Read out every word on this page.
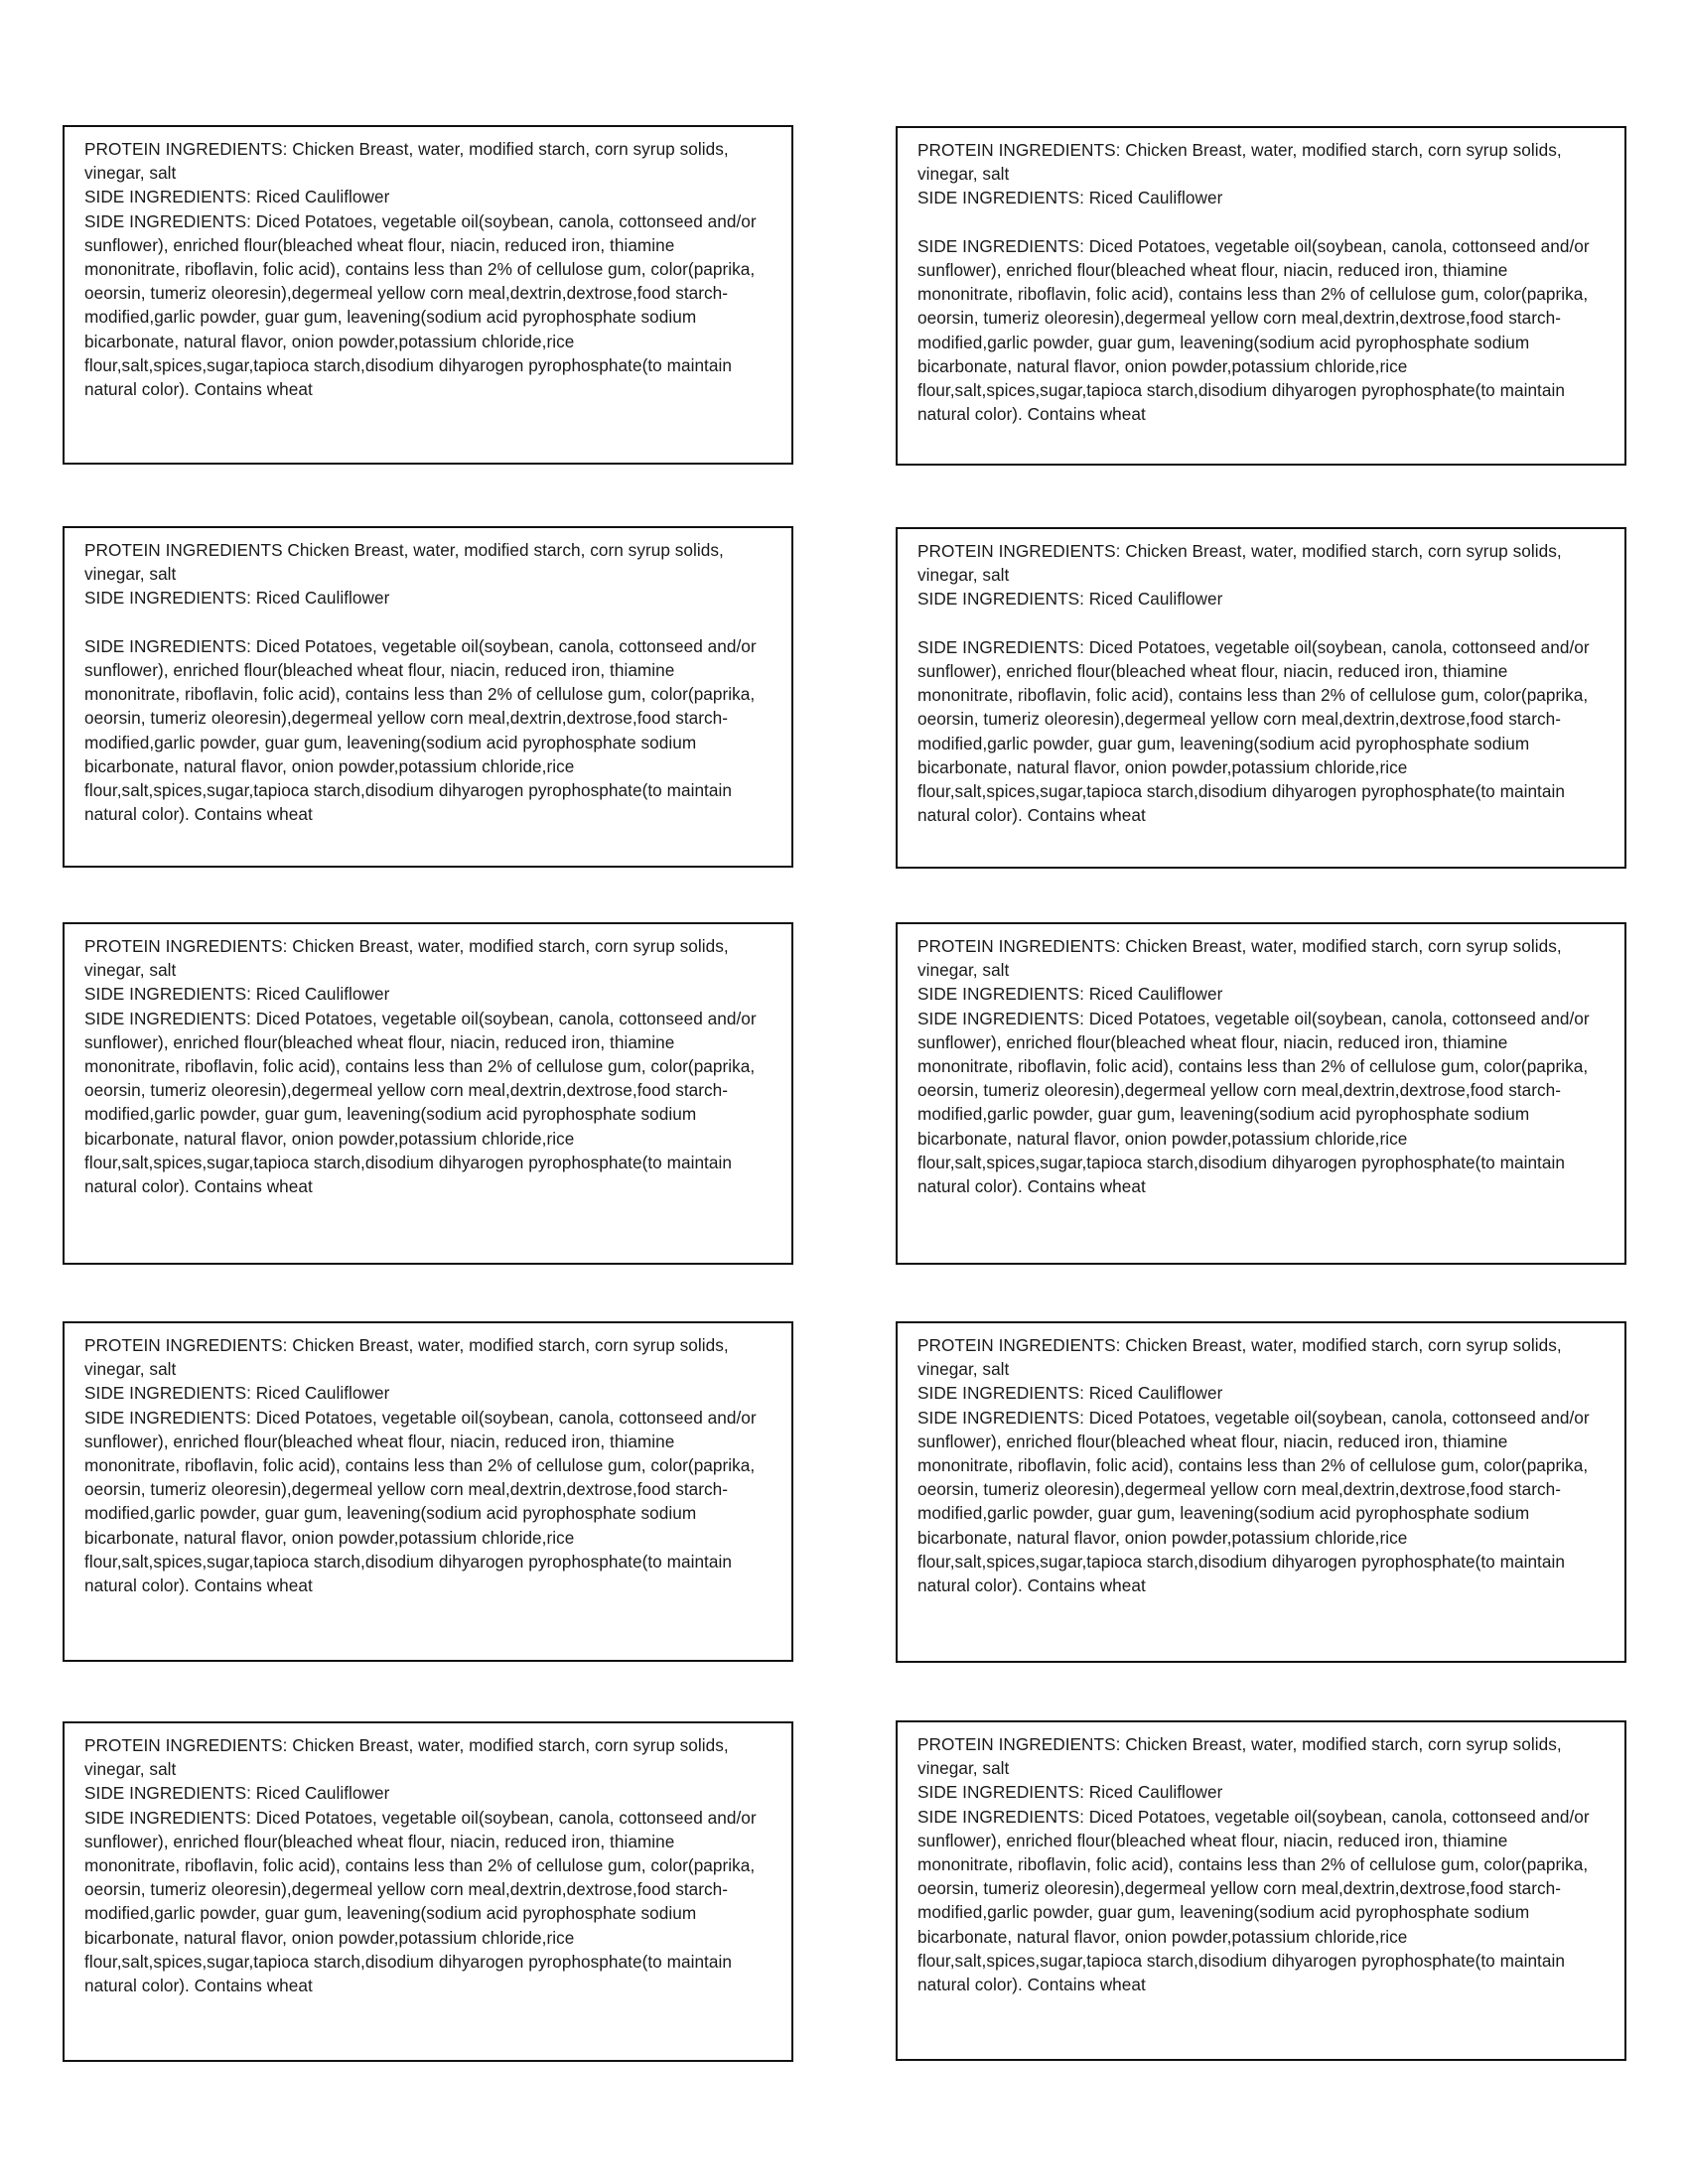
PROTEIN INGREDIENTS: Chicken Breast, water, modified starch, corn syrup solids, vinegar, salt

SIDE INGREDIENTS: Riced Cauliflower

SIDE INGREDIENTS: Diced Potatoes, vegetable oil(soybean, canola, cottonseed and/or sunflower), enriched flour(bleached wheat flour, niacin, reduced iron, thiamine mononitrate, riboflavin, folic acid), contains less than 2% of cellulose gum, color(paprika, oeorsin, tumeriz oleoresin),degermeal yellow corn meal,dextrin,dextrose,food starch-modified,garlic powder, guar gum, leavening(sodium acid pyrophosphate sodium bicarbonate, natural flavor, onion powder,potassium chloride,rice flour,salt,spices,sugar,tapioca starch,disodium dihyarogen pyrophosphate(to maintain natural color). Contains wheat

PROTEIN INGREDIENTS: Chicken Breast, water, modified starch, corn syrup solids, vinegar, salt

SIDE INGREDIENTS: Riced Cauliflower

SIDE INGREDIENTS: Diced Potatoes, vegetable oil(soybean, canola, cottonseed and/or sunflower), enriched flour(bleached wheat flour, niacin, reduced iron, thiamine mononitrate, riboflavin, folic acid), contains less than 2% of cellulose gum, color(paprika, oeorsin, tumeriz oleoresin),degermeal yellow corn meal,dextrin,dextrose,food starch-modified,garlic powder, guar gum, leavening(sodium acid pyrophosphate sodium bicarbonate, natural flavor, onion powder,potassium chloride,rice flour,salt,spices,sugar,tapioca starch,disodium dihyarogen pyrophosphate(to maintain natural color). Contains wheat

PROTEIN INGREDIENTS Chicken Breast, water, modified starch, corn syrup solids, vinegar, salt

SIDE INGREDIENTS: Riced Cauliflower

SIDE INGREDIENTS: Diced Potatoes, vegetable oil(soybean, canola, cottonseed and/or sunflower), enriched flour(bleached wheat flour, niacin, reduced iron, thiamine mononitrate, riboflavin, folic acid), contains less than 2% of cellulose gum, color(paprika, oeorsin, tumeriz oleoresin),degermeal yellow corn meal,dextrin,dextrose,food starch-modified,garlic powder, guar gum, leavening(sodium acid pyrophosphate sodium bicarbonate, natural flavor, onion powder,potassium chloride,rice flour,salt,spices,sugar,tapioca starch,disodium dihyarogen pyrophosphate(to maintain natural color). Contains wheat

PROTEIN INGREDIENTS: Chicken Breast, water, modified starch, corn syrup solids, vinegar, salt

SIDE INGREDIENTS: Riced Cauliflower

SIDE INGREDIENTS: Diced Potatoes, vegetable oil(soybean, canola, cottonseed and/or sunflower), enriched flour(bleached wheat flour, niacin, reduced iron, thiamine mononitrate, riboflavin, folic acid), contains less than 2% of cellulose gum, color(paprika, oeorsin, tumeriz oleoresin),degermeal yellow corn meal,dextrin,dextrose,food starch-modified,garlic powder, guar gum, leavening(sodium acid pyrophosphate sodium bicarbonate, natural flavor, onion powder,potassium chloride,rice flour,salt,spices,sugar,tapioca starch,disodium dihyarogen pyrophosphate(to maintain natural color). Contains wheat

PROTEIN INGREDIENTS: Chicken Breast, water, modified starch, corn syrup solids, vinegar, salt

SIDE INGREDIENTS: Riced Cauliflower

SIDE INGREDIENTS: Diced Potatoes, vegetable oil(soybean, canola, cottonseed and/or sunflower), enriched flour(bleached wheat flour, niacin, reduced iron, thiamine mononitrate, riboflavin, folic acid), contains less than 2% of cellulose gum, color(paprika, oeorsin, tumeriz oleoresin),degermeal yellow corn meal,dextrin,dextrose,food starch-modified,garlic powder, guar gum, leavening(sodium acid pyrophosphate sodium bicarbonate, natural flavor, onion powder,potassium chloride,rice flour,salt,spices,sugar,tapioca starch,disodium dihyarogen pyrophosphate(to maintain natural color). Contains wheat

PROTEIN INGREDIENTS: Chicken Breast, water, modified starch, corn syrup solids, vinegar, salt

SIDE INGREDIENTS: Riced Cauliflower

SIDE INGREDIENTS: Diced Potatoes, vegetable oil(soybean, canola, cottonseed and/or sunflower), enriched flour(bleached wheat flour, niacin, reduced iron, thiamine mononitrate, riboflavin, folic acid), contains less than 2% of cellulose gum, color(paprika, oeorsin, tumeriz oleoresin),degermeal yellow corn meal,dextrin,dextrose,food starch-modified,garlic powder, guar gum, leavening(sodium acid pyrophosphate sodium bicarbonate, natural flavor, onion powder,potassium chloride,rice flour,salt,spices,sugar,tapioca starch,disodium dihyarogen pyrophosphate(to maintain natural color). Contains wheat

PROTEIN INGREDIENTS: Chicken Breast, water, modified starch, corn syrup solids, vinegar, salt

SIDE INGREDIENTS: Riced Cauliflower

SIDE INGREDIENTS: Diced Potatoes, vegetable oil(soybean, canola, cottonseed and/or sunflower), enriched flour(bleached wheat flour, niacin, reduced iron, thiamine mononitrate, riboflavin, folic acid), contains less than 2% of cellulose gum, color(paprika, oeorsin, tumeriz oleoresin),degermeal yellow corn meal,dextrin,dextrose,food starch-modified,garlic powder, guar gum, leavening(sodium acid pyrophosphate sodium bicarbonate, natural flavor, onion powder,potassium chloride,rice flour,salt,spices,sugar,tapioca starch,disodium dihyarogen pyrophosphate(to maintain natural color). Contains wheat

PROTEIN INGREDIENTS: Chicken Breast, water, modified starch, corn syrup solids, vinegar, salt

SIDE INGREDIENTS: Riced Cauliflower

SIDE INGREDIENTS: Diced Potatoes, vegetable oil(soybean, canola, cottonseed and/or sunflower), enriched flour(bleached wheat flour, niacin, reduced iron, thiamine mononitrate, riboflavin, folic acid), contains less than 2% of cellulose gum, color(paprika, oeorsin, tumeriz oleoresin),degermeal yellow corn meal,dextrin,dextrose,food starch-modified,garlic powder, guar gum, leavening(sodium acid pyrophosphate sodium bicarbonate, natural flavor, onion powder,potassium chloride,rice flour,salt,spices,sugar,tapioca starch,disodium dihyarogen pyrophosphate(to maintain natural color). Contains wheat

PROTEIN INGREDIENTS: Chicken Breast, water, modified starch, corn syrup solids, vinegar, salt

SIDE INGREDIENTS: Riced Cauliflower

SIDE INGREDIENTS: Diced Potatoes, vegetable oil(soybean, canola, cottonseed and/or sunflower), enriched flour(bleached wheat flour, niacin, reduced iron, thiamine mononitrate, riboflavin, folic acid), contains less than 2% of cellulose gum, color(paprika, oeorsin, tumeriz oleoresin),degermeal yellow corn meal,dextrin,dextrose,food starch-modified,garlic powder, guar gum, leavening(sodium acid pyrophosphate sodium bicarbonate, natural flavor, onion powder,potassium chloride,rice flour,salt,spices,sugar,tapioca starch,disodium dihyarogen pyrophosphate(to maintain natural color). Contains wheat

PROTEIN INGREDIENTS: Chicken Breast, water, modified starch, corn syrup solids, vinegar, salt

SIDE INGREDIENTS: Riced Cauliflower

SIDE INGREDIENTS: Diced Potatoes, vegetable oil(soybean, canola, cottonseed and/or sunflower), enriched flour(bleached wheat flour, niacin, reduced iron, thiamine mononitrate, riboflavin, folic acid), contains less than 2% of cellulose gum, color(paprika, oeorsin, tumeriz oleoresin),degermeal yellow corn meal,dextrin,dextrose,food starch-modified,garlic powder, guar gum, leavening(sodium acid pyrophosphate sodium bicarbonate, natural flavor, onion powder,potassium chloride,rice flour,salt,spices,sugar,tapioca starch,disodium dihyarogen pyrophosphate(to maintain natural color). Contains wheat
